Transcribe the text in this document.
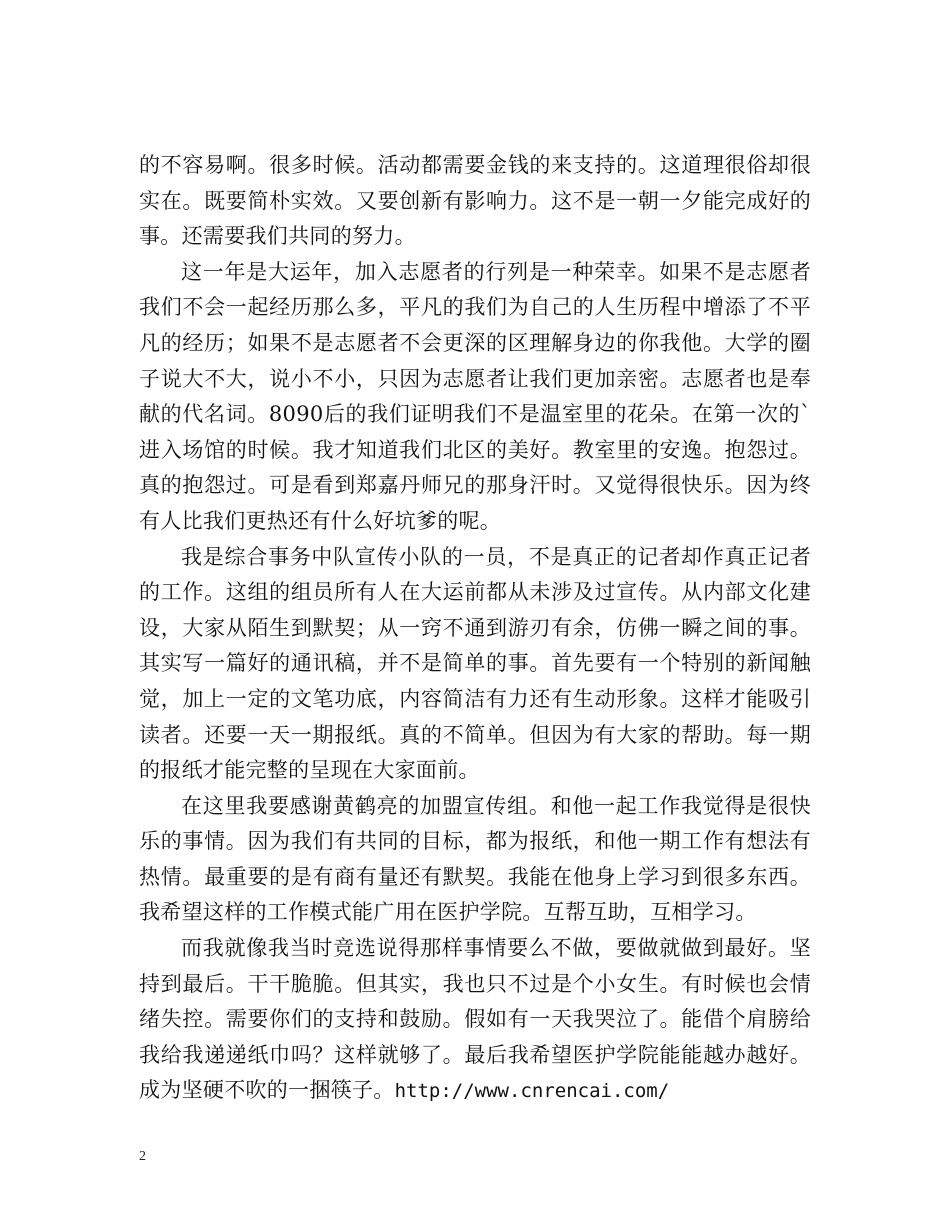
的不容易啊。很多时候。活动都需要金钱的来支持的。这道理很俗却很实在。既要简朴实效。又要创新有影响力。这不是一朝一夕能完成好的事。还需要我们共同的努力。

这一年是大运年，加入志愿者的行列是一种荣幸。如果不是志愿者我们不会一起经历那么多，平凡的我们为自己的人生历程中增添了不平凡的经历；如果不是志愿者不会更深的区理解身边的你我他。大学的圈子说大不大，说小不小，只因为志愿者让我们更加亲密。志愿者也是奉献的代名词。8090后的我们证明我们不是温室里的花朵。在第一次的`进入场馆的时候。我才知道我们北区的美好。教室里的安逸。抱怨过。真的抱怨过。可是看到郑嘉丹师兄的那身汗时。又觉得很快乐。因为终有人比我们更热还有什么好坑爹的呢。

我是综合事务中队宣传小队的一员，不是真正的记者却作真正记者的工作。这组的组员所有人在大运前都从未涉及过宣传。从内部文化建设，大家从陌生到默契；从一窍不通到游刃有余，仿佛一瞬之间的事。其实写一篇好的通讯稿，并不是简单的事。首先要有一个特别的新闻触觉，加上一定的文笔功底，内容简洁有力还有生动形象。这样才能吸引读者。还要一天一期报纸。真的不简单。但因为有大家的帮助。每一期的报纸才能完整的呈现在大家面前。

在这里我要感谢黄鹤亮的加盟宣传组。和他一起工作我觉得是很快乐的事情。因为我们有共同的目标，都为报纸，和他一期工作有想法有热情。最重要的是有商有量还有默契。我能在他身上学习到很多东西。我希望这样的工作模式能广用在医护学院。互帮互助，互相学习。

而我就像我当时竞选说得那样事情要么不做，要做就做到最好。坚持到最后。干干脆脆。但其实，我也只不过是个小女生。有时候也会情绪失控。需要你们的支持和鼓励。假如有一天我哭泣了。能借个肩膀给我给我递递纸巾吗？这样就够了。最后我希望医护学院能能越办越好。成为坚硬不吹的一捆筷子。http://www.cnrencai.com/

2
